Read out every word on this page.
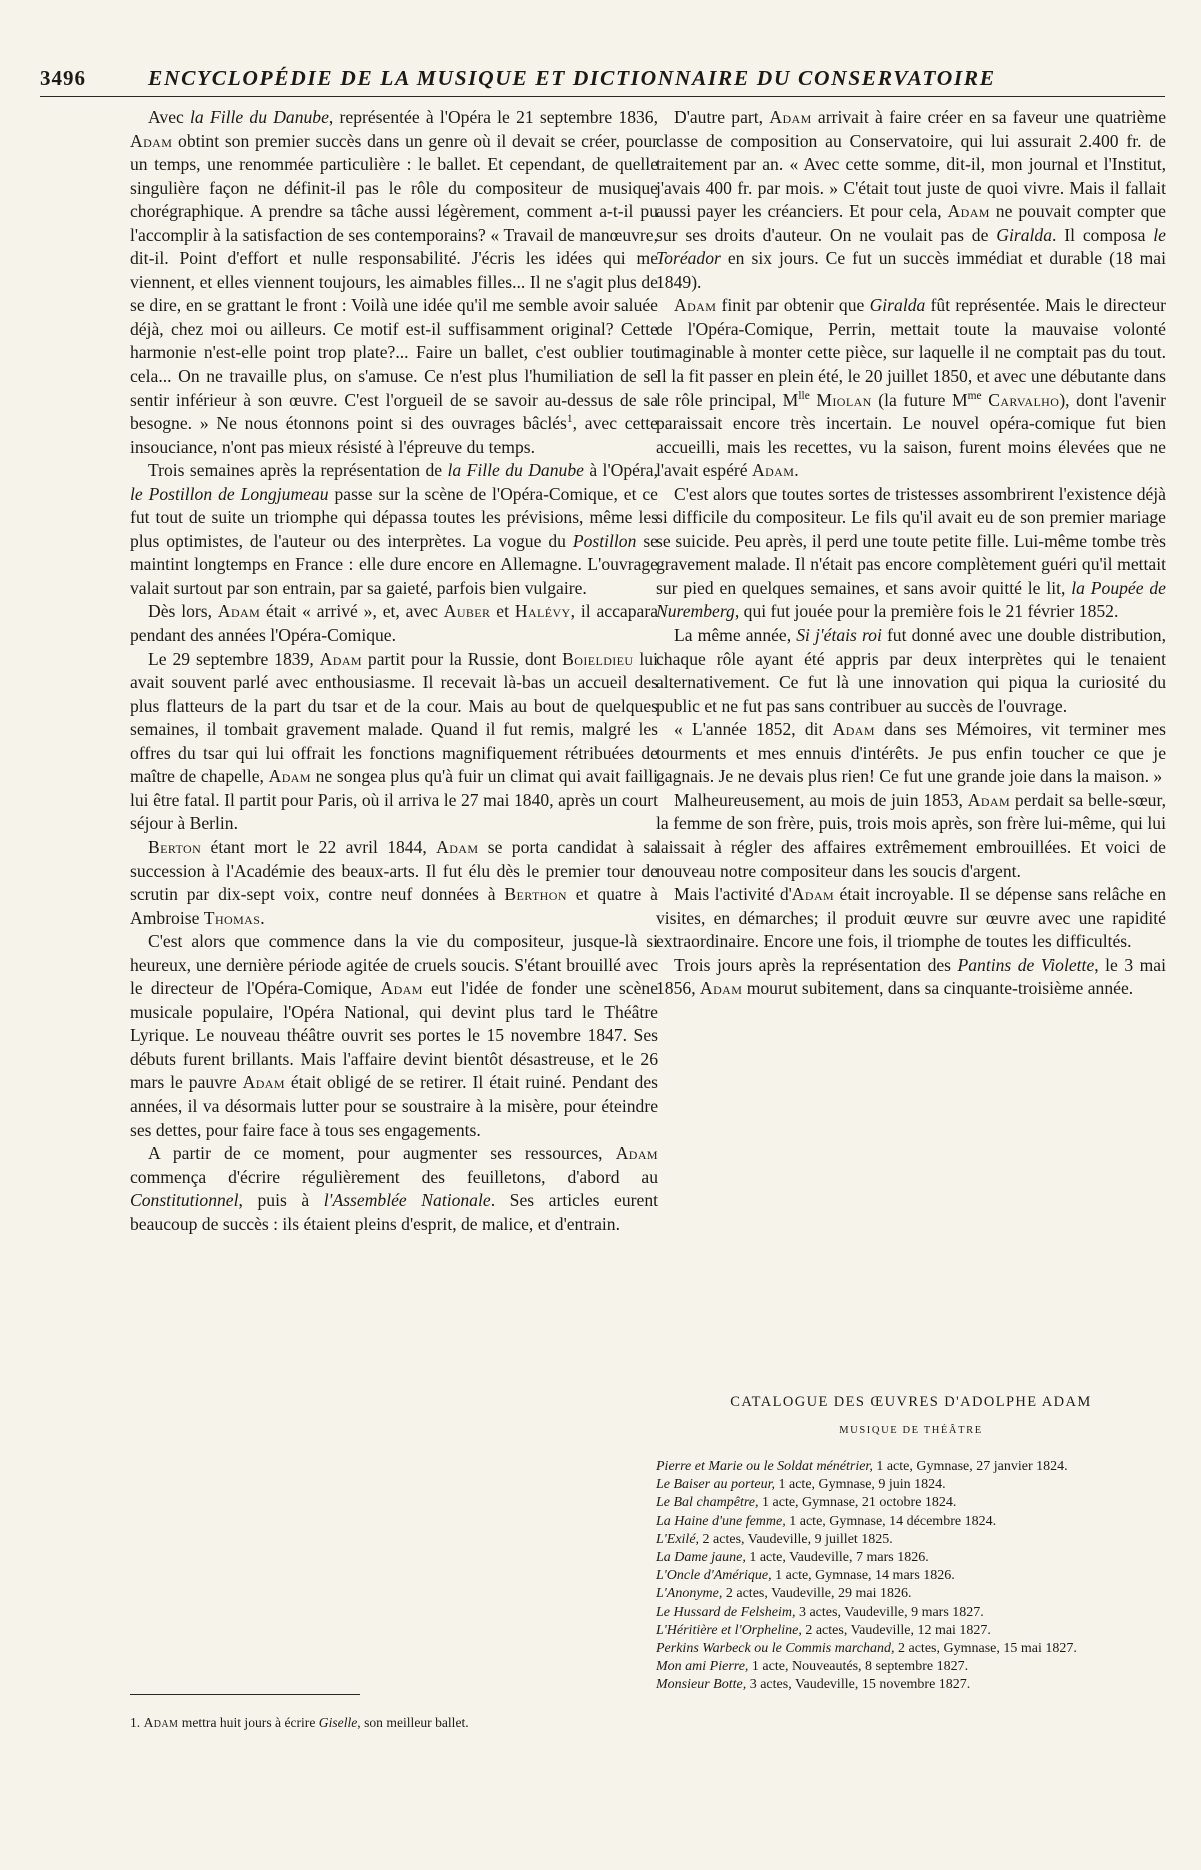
3496	ENCYCLOPÉDIE DE LA MUSIQUE ET DICTIONNAIRE DU CONSERVATOIRE

Avec la Fille du Danube, représentée à l'Opéra le 21 septembre 1836, Adam obtint son premier succès dans un genre où il devait se créer, pour un temps, une renommée particulière : le ballet. Et cependant, de quelle singulière façon ne définit-il pas le rôle du compositeur de musique chorégraphique. A prendre sa tâche aussi légèrement, comment a-t-il pu l'accomplir à la satisfaction de ses contemporains? « Travail de manœuvre, dit-il. Point d'effort et nulle responsabilité. J'écris les idées qui me viennent, et elles viennent toujours, les aimables filles... Il ne s'agit plus de se dire, en se grattant le front : Voilà une idée qu'il me semble avoir saluée déjà, chez moi ou ailleurs. Ce motif est-il suffisamment original? Cette harmonie n'est-elle point trop plate?... Faire un ballet, c'est oublier tout cela... On ne travaille plus, on s'amuse. Ce n'est plus l'humiliation de se sentir inférieur à son œuvre. C'est l'orgueil de se savoir au-dessus de sa besogne. » Ne nous étonnons point si des ouvrages bâclés$^1$, avec cette insouciance, n'ont pas mieux résisté à l'épreuve du temps.

Trois semaines après la représentation de la Fille du Danube à l'Opéra, le Postillon de Longjumeau passe sur la scène de l'Opéra-Comique, et ce fut tout de suite un triomphe qui dépassa toutes les prévisions, même les plus optimistes, de l'auteur ou des interprètes. La vogue du Postillon se maintint longtemps en France : elle dure encore en Allemagne. L'ouvrage valait surtout par son entrain, par sa gaieté, parfois bien vulgaire.

Dès lors, Adam était « arrivé », et, avec Auber et Halévy, il accapara pendant des années l'Opéra-Comique.

Le 29 septembre 1839, Adam partit pour la Russie, dont Boieldieu lui avait souvent parlé avec enthousiasme. Il recevait là-bas un accueil des plus flatteurs de la part du tsar et de la cour. Mais au bout de quelques semaines, il tombait gravement malade. Quand il fut remis, malgré les offres du tsar qui lui offrait les fonctions magnifiquement rétribuées de maître de chapelle, Adam ne songea plus qu'à fuir un climat qui avait failli lui être fatal. Il partit pour Paris, où il arriva le 27 mai 1840, après un court séjour à Berlin.

Berton étant mort le 22 avril 1844, Adam se porta candidat à sa succession à l'Académie des beaux-arts. Il fut élu dès le premier tour de scrutin par dix-sept voix, contre neuf données à Berthon et quatre à Ambroise Thomas.

C'est alors que commence dans la vie du compositeur, jusque-là si heureux, une dernière période agitée de cruels soucis. S'étant brouillé avec le directeur de l'Opéra-Comique, Adam eut l'idée de fonder une scène musicale populaire, l'Opéra National, qui devint plus tard le Théâtre Lyrique. Le nouveau théâtre ouvrit ses portes le 15 novembre 1847. Ses débuts furent brillants. Mais l'affaire devint bientôt désastreuse, et le 26 mars le pauvre Adam était obligé de se retirer. Il était ruiné. Pendant des années, il va désormais lutter pour se soustraire à la misère, pour éteindre ses dettes, pour faire face à tous ses engagements.

A partir de ce moment, pour augmenter ses ressources, Adam commença d'écrire régulièrement des feuilletons, d'abord au Constitutionnel, puis à l'Assemblée Nationale. Ses articles eurent beaucoup de succès : ils étaient pleins d'esprit, de malice, et d'entrain.

1. Adam mettra huit jours à écrire Giselle, son meilleur ballet.

D'autre part, Adam arrivait à faire créer en sa faveur une quatrième classe de composition au Conservatoire, qui lui assurait 2.400 fr. de traitement par an. « Avec cette somme, dit-il, mon journal et l'Institut, j'avais 400 fr. par mois. » C'était tout juste de quoi vivre. Mais il fallait aussi payer les créanciers. Et pour cela, Adam ne pouvait compter que sur ses droits d'auteur. On ne voulait pas de Giralda. Il composa le Toréador en six jours. Ce fut un succès immédiat et durable (18 mai 1849).

Adam finit par obtenir que Giralda fût représentée. Mais le directeur de l'Opéra-Comique, Perrin, mettait toute la mauvaise volonté imaginable à monter cette pièce, sur laquelle il ne comptait pas du tout. Il la fit passer en plein été, le 20 juillet 1850, et avec une débutante dans le rôle principal, $M^{lle}$ Miolan (la future $M^{me}$ Carvalho), dont l'avenir paraissait encore très incertain. Le nouvel opéra-comique fut bien accueilli, mais les recettes, vu la saison, furent moins élevées que ne l'avait espéré Adam.

C'est alors que toutes sortes de tristesses assombrirent l'existence déjà si difficile du compositeur. Le fils qu'il avait eu de son premier mariage se suicide. Peu après, il perd une toute petite fille. Lui-même tombe très gravement malade. Il n'était pas encore complètement guéri qu'il mettait sur pied en quelques semaines, et sans avoir quitté le lit, la Poupée de Nuremberg, qui fut jouée pour la première fois le 21 février 1852.

La même année, Si j'étais roi fut donné avec une double distribution, chaque rôle ayant été appris par deux interprètes qui le tenaient alternativement. Ce fut là une innovation qui piqua la curiosité du public et ne fut pas sans contribuer au succès de l'ouvrage.

« L'année 1852, dit Adam dans ses Mémoires, vit terminer mes tourments et mes ennuis d'intérêts. Je pus enfin toucher ce que je gagnais. Je ne devais plus rien! Ce fut une grande joie dans la maison. »

Malheureusement, au mois de juin 1853, Adam perdait sa belle-sœur, la femme de son frère, puis, trois mois après, son frère lui-même, qui lui laissait à régler des affaires extrêmement embrouillées. Et voici de nouveau notre compositeur dans les soucis d'argent.

Mais l'activité d'Adam était incroyable. Il se dépense sans relâche en visites, en démarches; il produit œuvre sur œuvre avec une rapidité extraordinaire. Encore une fois, il triomphe de toutes les difficultés.

Trois jours après la représentation des Pantins de Violette, le 3 mai 1856, Adam mourut subitement, dans sa cinquante-troisième année.

CATALOGUE DES ŒUVRES D'ADOLPHE ADAM
MUSIQUE DE THÉÂTRE
Pierre et Marie ou le Soldat ménétrier, 1 acte, Gymnase, 27 janvier 1824.
Le Baiser au porteur, 1 acte, Gymnase, 9 juin 1824.
Le Bal champêtre, 1 acte, Gymnase, 21 octobre 1824.
La Haine d'une femme, 1 acte, Gymnase, 14 décembre 1824.
L'Exilé, 2 actes, Vaudeville, 9 juillet 1825.
La Dame jaune, 1 acte, Vaudeville, 7 mars 1826.
L'Oncle d'Amérique, 1 acte, Gymnase, 14 mars 1826.
L'Anonyme, 2 actes, Vaudeville, 29 mai 1826.
Le Hussard de Felsheim, 3 actes, Vaudeville, 9 mars 1827.
L'Héritière et l'Orpheline, 2 actes, Vaudeville, 12 mai 1827.
Perkins Warbeck ou le Commis marchand, 2 actes, Gymnase, 15 mai 1827.
Mon ami Pierre, 1 acte, Nouveautés, 8 septembre 1827.
Monsieur Botte, 3 actes, Vaudeville, 15 novembre 1827.
